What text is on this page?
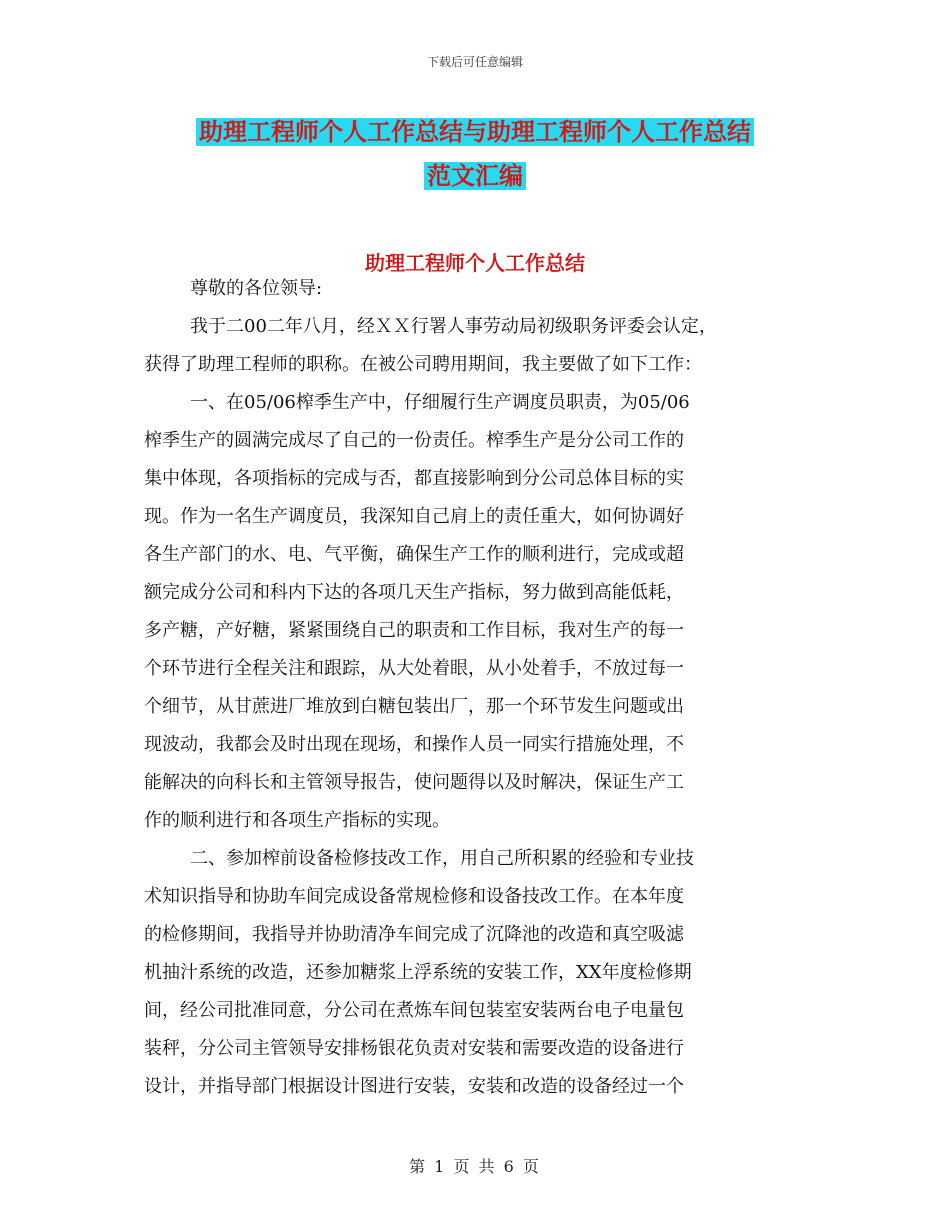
下载后可任意编辑
助理工程师个人工作总结与助理工程师个人工作总结
范文汇编
助理工程师个人工作总结
尊敬的各位领导:
我于二00二年八月，经ＸＸ行署人事劳动局初级职务评委会认定，
获得了助理工程师的职称。在被公司聘用期间，我主要做了如下工作：
一、在05/06榨季生产中，仔细履行生产调度员职责，为05/06
榨季生产的圆满完成尽了自己的一份责任。榨季生产是分公司工作的
集中体现，各项指标的完成与否，都直接影响到分公司总体目标的实
现。作为一名生产调度员，我深知自己肩上的责任重大，如何协调好
各生产部门的水、电、气平衡，确保生产工作的顺利进行，完成或超
额完成分公司和科内下达的各项几天生产指标，努力做到高能低耗，
多产糖，产好糖，紧紧围绕自己的职责和工作目标，我对生产的每一
个环节进行全程关注和跟踪，从大处着眼，从小处着手，不放过每一
个细节，从甘蔗进厂堆放到白糖包装出厂，那一个环节发生问题或出
现波动，我都会及时出现在现场，和操作人员一同实行措施处理，不
能解决的向科长和主管领导报告，使问题得以及时解决，保证生产工
作的顺利进行和各项生产指标的实现。
二、参加榨前设备检修技改工作，用自己所积累的经验和专业技
术知识指导和协助车间完成设备常规检修和设备技改工作。在本年度
的检修期间，我指导并协助清净车间完成了沉降池的改造和真空吸滤
机抽汁系统的改造，还参加糖浆上浮系统的安装工作，XX年度检修期
间，经公司批准同意，分公司在煮炼车间包装室安装两台电子电量包
装秤，分公司主管领导安排杨银花负责对安装和需要改造的设备进行
设计，并指导部门根据设计图进行安装，安装和改造的设备经过一个
第 1 页 共 6 页
